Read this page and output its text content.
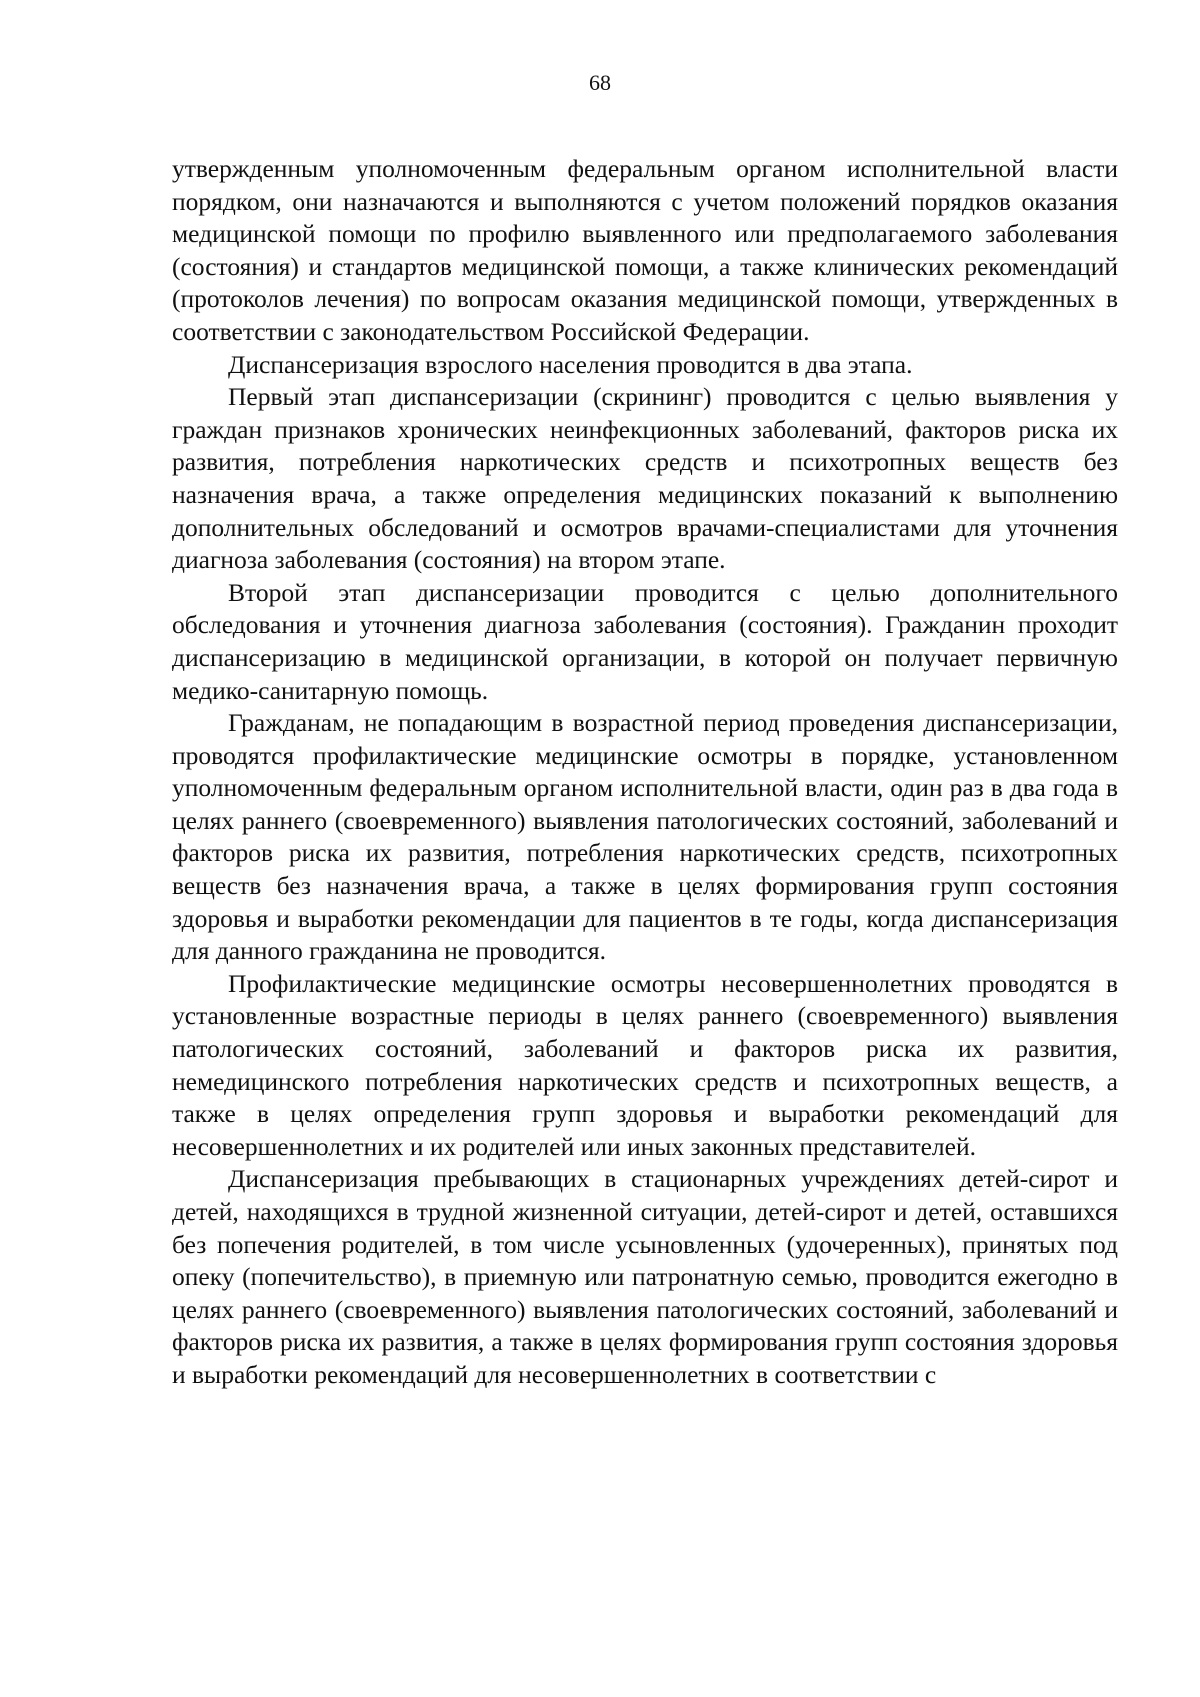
68

утвержденным уполномоченным федеральным органом исполнительной власти порядком, они назначаются и выполняются с учетом положений порядков оказания медицинской помощи по профилю выявленного или предполагаемого заболевания (состояния) и стандартов медицинской помощи, а также клинических рекомендаций (протоколов лечения) по вопросам оказания медицинской помощи, утвержденных в соответствии с законодательством Российской Федерации.

Диспансеризация взрослого населения проводится в два этапа.

Первый этап диспансеризации (скрининг) проводится с целью выявления у граждан признаков хронических неинфекционных заболеваний, факторов риска их развития, потребления наркотических средств и психотропных веществ без назначения врача, а также определения медицинских показаний к выполнению дополнительных обследований и осмотров врачами-специалистами для уточнения диагноза заболевания (состояния) на втором этапе.

Второй этап диспансеризации проводится с целью дополнительного обследования и уточнения диагноза заболевания (состояния). Гражданин проходит диспансеризацию в медицинской организации, в которой он получает первичную медико-санитарную помощь.

Гражданам, не попадающим в возрастной период проведения диспансеризации, проводятся профилактические медицинские осмотры в порядке, установленном уполномоченным федеральным органом исполнительной власти, один раз в два года в целях раннего (своевременного) выявления патологических состояний, заболеваний и факторов риска их развития, потребления наркотических средств, психотропных веществ без назначения врача, а также в целях формирования групп состояния здоровья и выработки рекомендации для пациентов в те годы, когда диспансеризация для данного гражданина не проводится.

Профилактические медицинские осмотры несовершеннолетних проводятся в установленные возрастные периоды в целях раннего (своевременного) выявления патологических состояний, заболеваний и факторов риска их развития, немедицинского потребления наркотических средств и психотропных веществ, а также в целях определения групп здоровья и выработки рекомендаций для несовершеннолетних и их родителей или иных законных представителей.

Диспансеризация пребывающих в стационарных учреждениях детей-сирот и детей, находящихся в трудной жизненной ситуации, детей-сирот и детей, оставшихся без попечения родителей, в том числе усыновленных (удочеренных), принятых под опеку (попечительство), в приемную или патронатную семью, проводится ежегодно в целях раннего (своевременного) выявления патологических состояний, заболеваний и факторов риска их развития, а также в целях формирования групп состояния здоровья и выработки рекомендаций для несовершеннолетних в соответствии с
